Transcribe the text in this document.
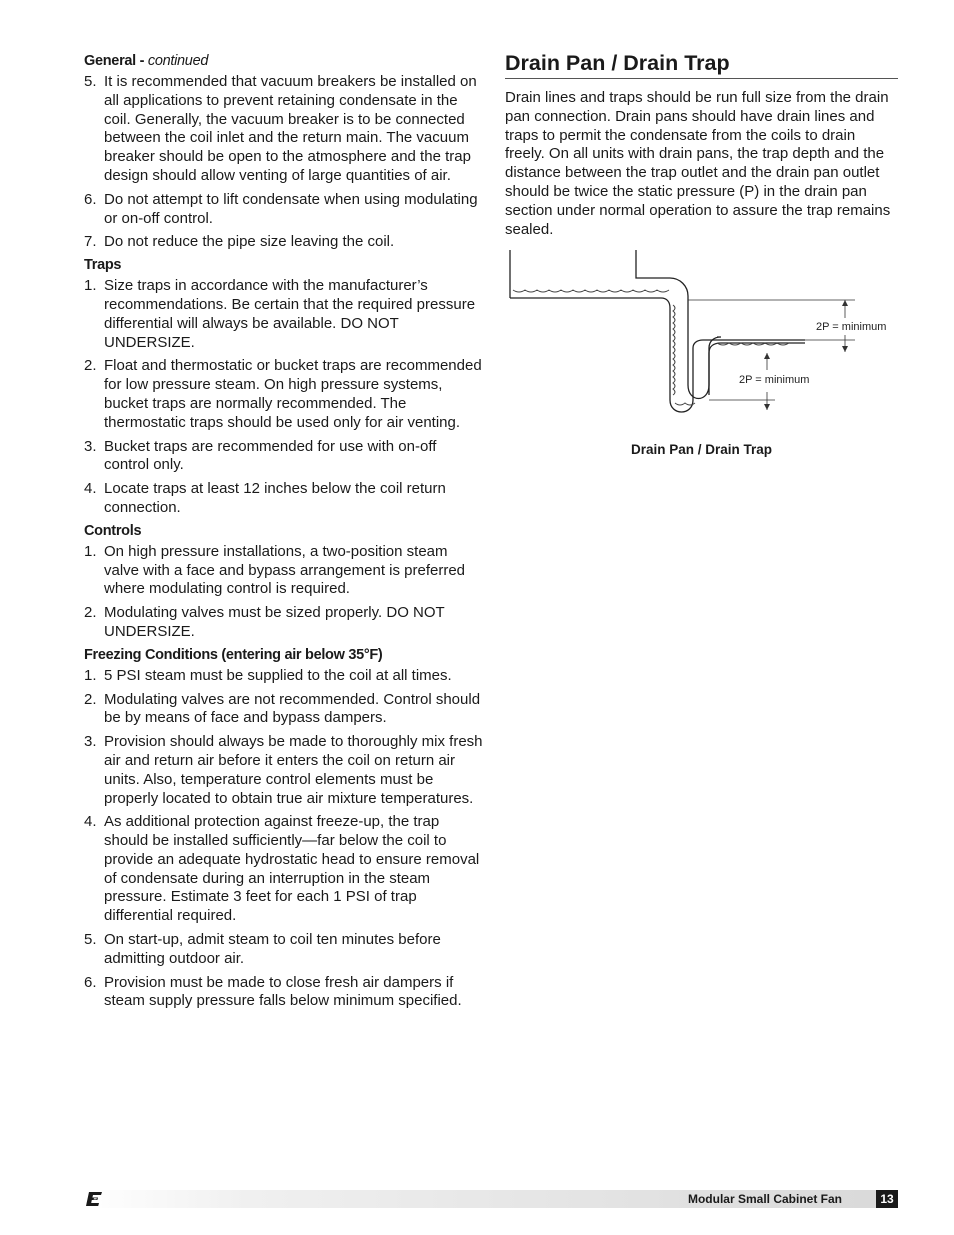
General - continued
5. It is recommended that vacuum breakers be installed on all applications to prevent retaining condensate in the coil. Generally, the vacuum breaker is to be connected between the coil inlet and the return main. The vacuum breaker should be open to the atmosphere and the trap design should allow venting of large quantities of air.
6. Do not attempt to lift condensate when using modulating or on-off control.
7. Do not reduce the pipe size leaving the coil.
Traps
1. Size traps in accordance with the manufacturer’s recommendations. Be certain that the required pressure differential will always be available. DO NOT UNDERSIZE.
2. Float and thermostatic or bucket traps are recommended for low pressure steam. On high pressure systems, bucket traps are normally recommended. The thermostatic traps should be used only for air venting.
3. Bucket traps are recommended for use with on-off control only.
4. Locate traps at least 12 inches below the coil return connection.
Controls
1. On high pressure installations, a two-position steam valve with a face and bypass arrangement is preferred where modulating control is required.
2. Modulating valves must be sized properly. DO NOT UNDERSIZE.
Freezing Conditions (entering air below 35°F)
1. 5 PSI steam must be supplied to the coil at all times.
2. Modulating valves are not recommended. Control should be by means of face and bypass dampers.
3. Provision should always be made to thoroughly mix fresh air and return air before it enters the coil on return air units. Also, temperature control elements must be properly located to obtain true air mixture temperatures.
4. As additional protection against freeze-up, the trap should be installed sufficiently—far below the coil to provide an adequate hydrostatic head to ensure removal of condensate during an interruption in the steam pressure. Estimate 3 feet for each 1 PSI of trap differential required.
5. On start-up, admit steam to coil ten minutes before admitting outdoor air.
6. Provision must be made to close fresh air dampers if steam supply pressure falls below minimum specified.
Drain Pan / Drain Trap

Drain lines and traps should be run full size from the drain pan connection. Drain pans should have drain lines and traps to permit the condensate from the coils to drain freely. On all units with drain pans, the trap depth and the distance between the trap outlet and the drain pan outlet should be twice the static pressure (P) in the drain pan section under normal operation to assure the trap remains sealed.

2P = minimum
2P = minimum
Drain Pan / Drain Trap
Modular Small Cabinet Fan	13
